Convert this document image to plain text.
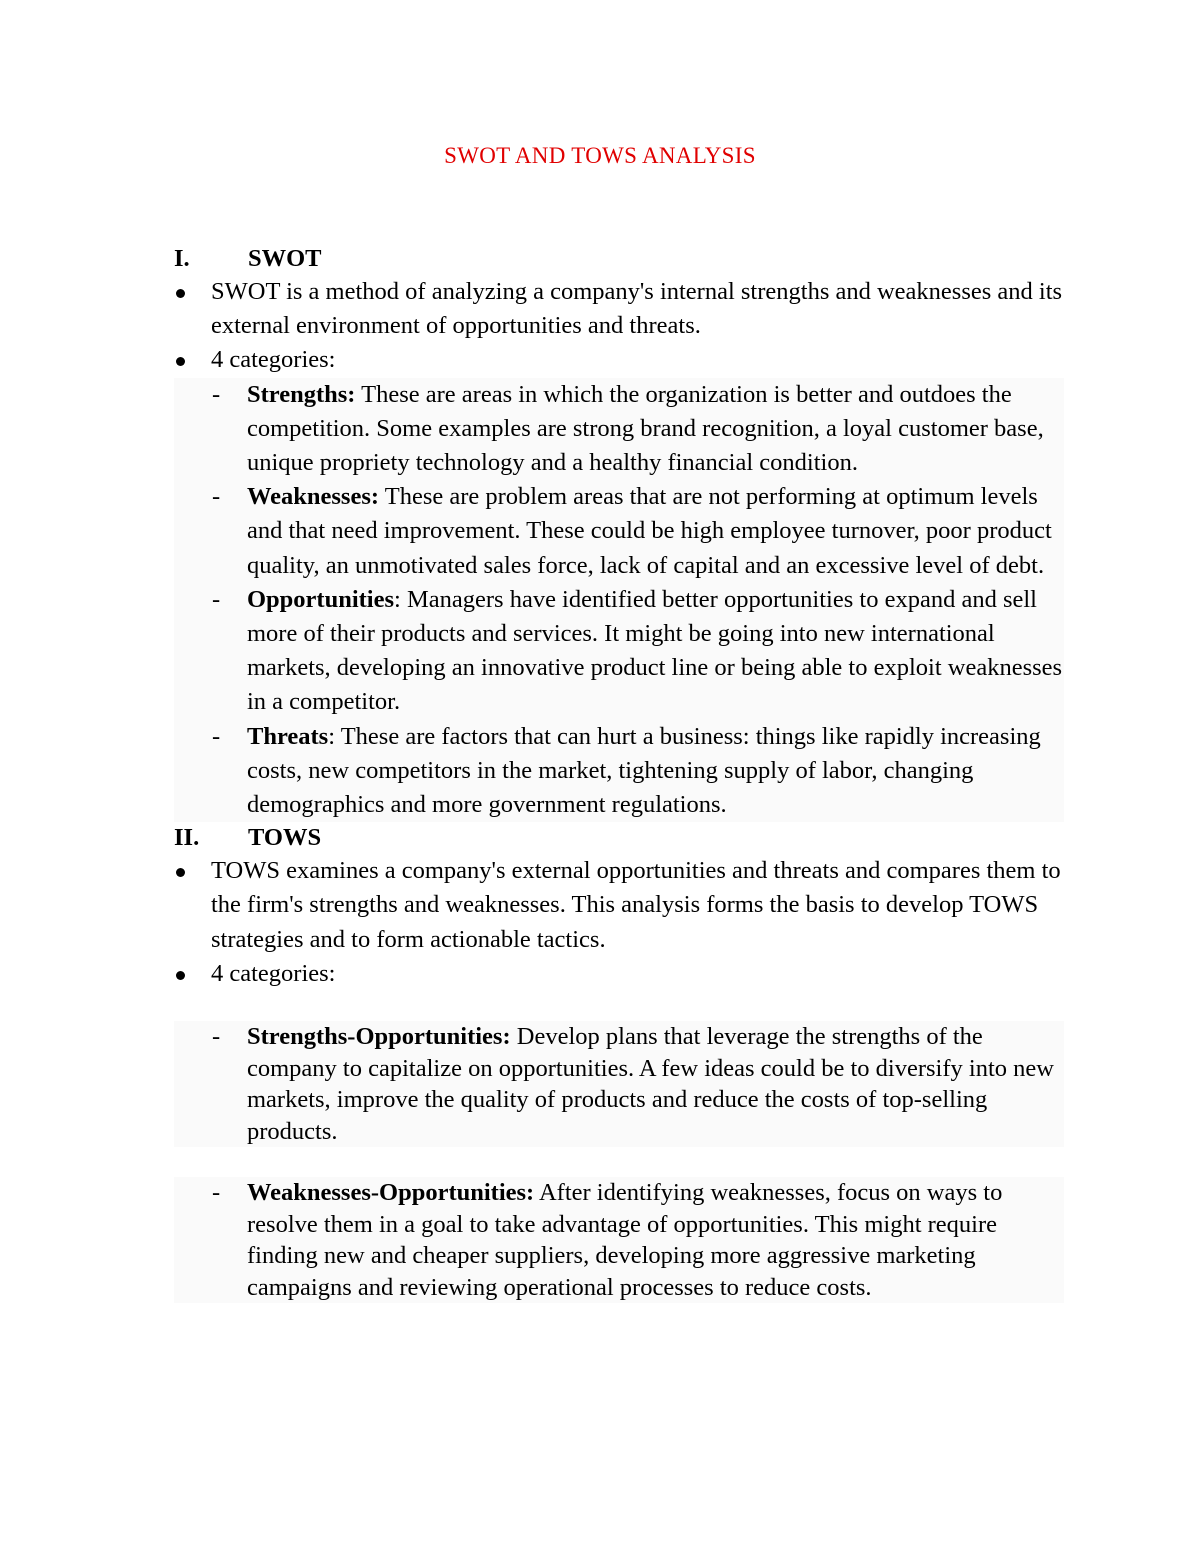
SWOT AND TOWS ANALYSIS
I. SWOT
SWOT is a method of analyzing a company's internal strengths and weaknesses and its external environment of opportunities and threats.
4 categories:
- Strengths: These are areas in which the organization is better and outdoes the competition. Some examples are strong brand recognition, a loyal customer base, unique propriety technology and a healthy financial condition.
- Weaknesses: These are problem areas that are not performing at optimum levels and that need improvement. These could be high employee turnover, poor product quality, an unmotivated sales force, lack of capital and an excessive level of debt.
- Opportunities: Managers have identified better opportunities to expand and sell more of their products and services. It might be going into new international markets, developing an innovative product line or being able to exploit weaknesses in a competitor.
- Threats: These are factors that can hurt a business: things like rapidly increasing costs, new competitors in the market, tightening supply of labor, changing demographics and more government regulations.
II. TOWS
TOWS examines a company's external opportunities and threats and compares them to the firm's strengths and weaknesses. This analysis forms the basis to develop TOWS strategies and to form actionable tactics.
4 categories:
- Strengths-Opportunities: Develop plans that leverage the strengths of the company to capitalize on opportunities. A few ideas could be to diversify into new markets, improve the quality of products and reduce the costs of top-selling products.
- Weaknesses-Opportunities: After identifying weaknesses, focus on ways to resolve them in a goal to take advantage of opportunities. This might require finding new and cheaper suppliers, developing more aggressive marketing campaigns and reviewing operational processes to reduce costs.
